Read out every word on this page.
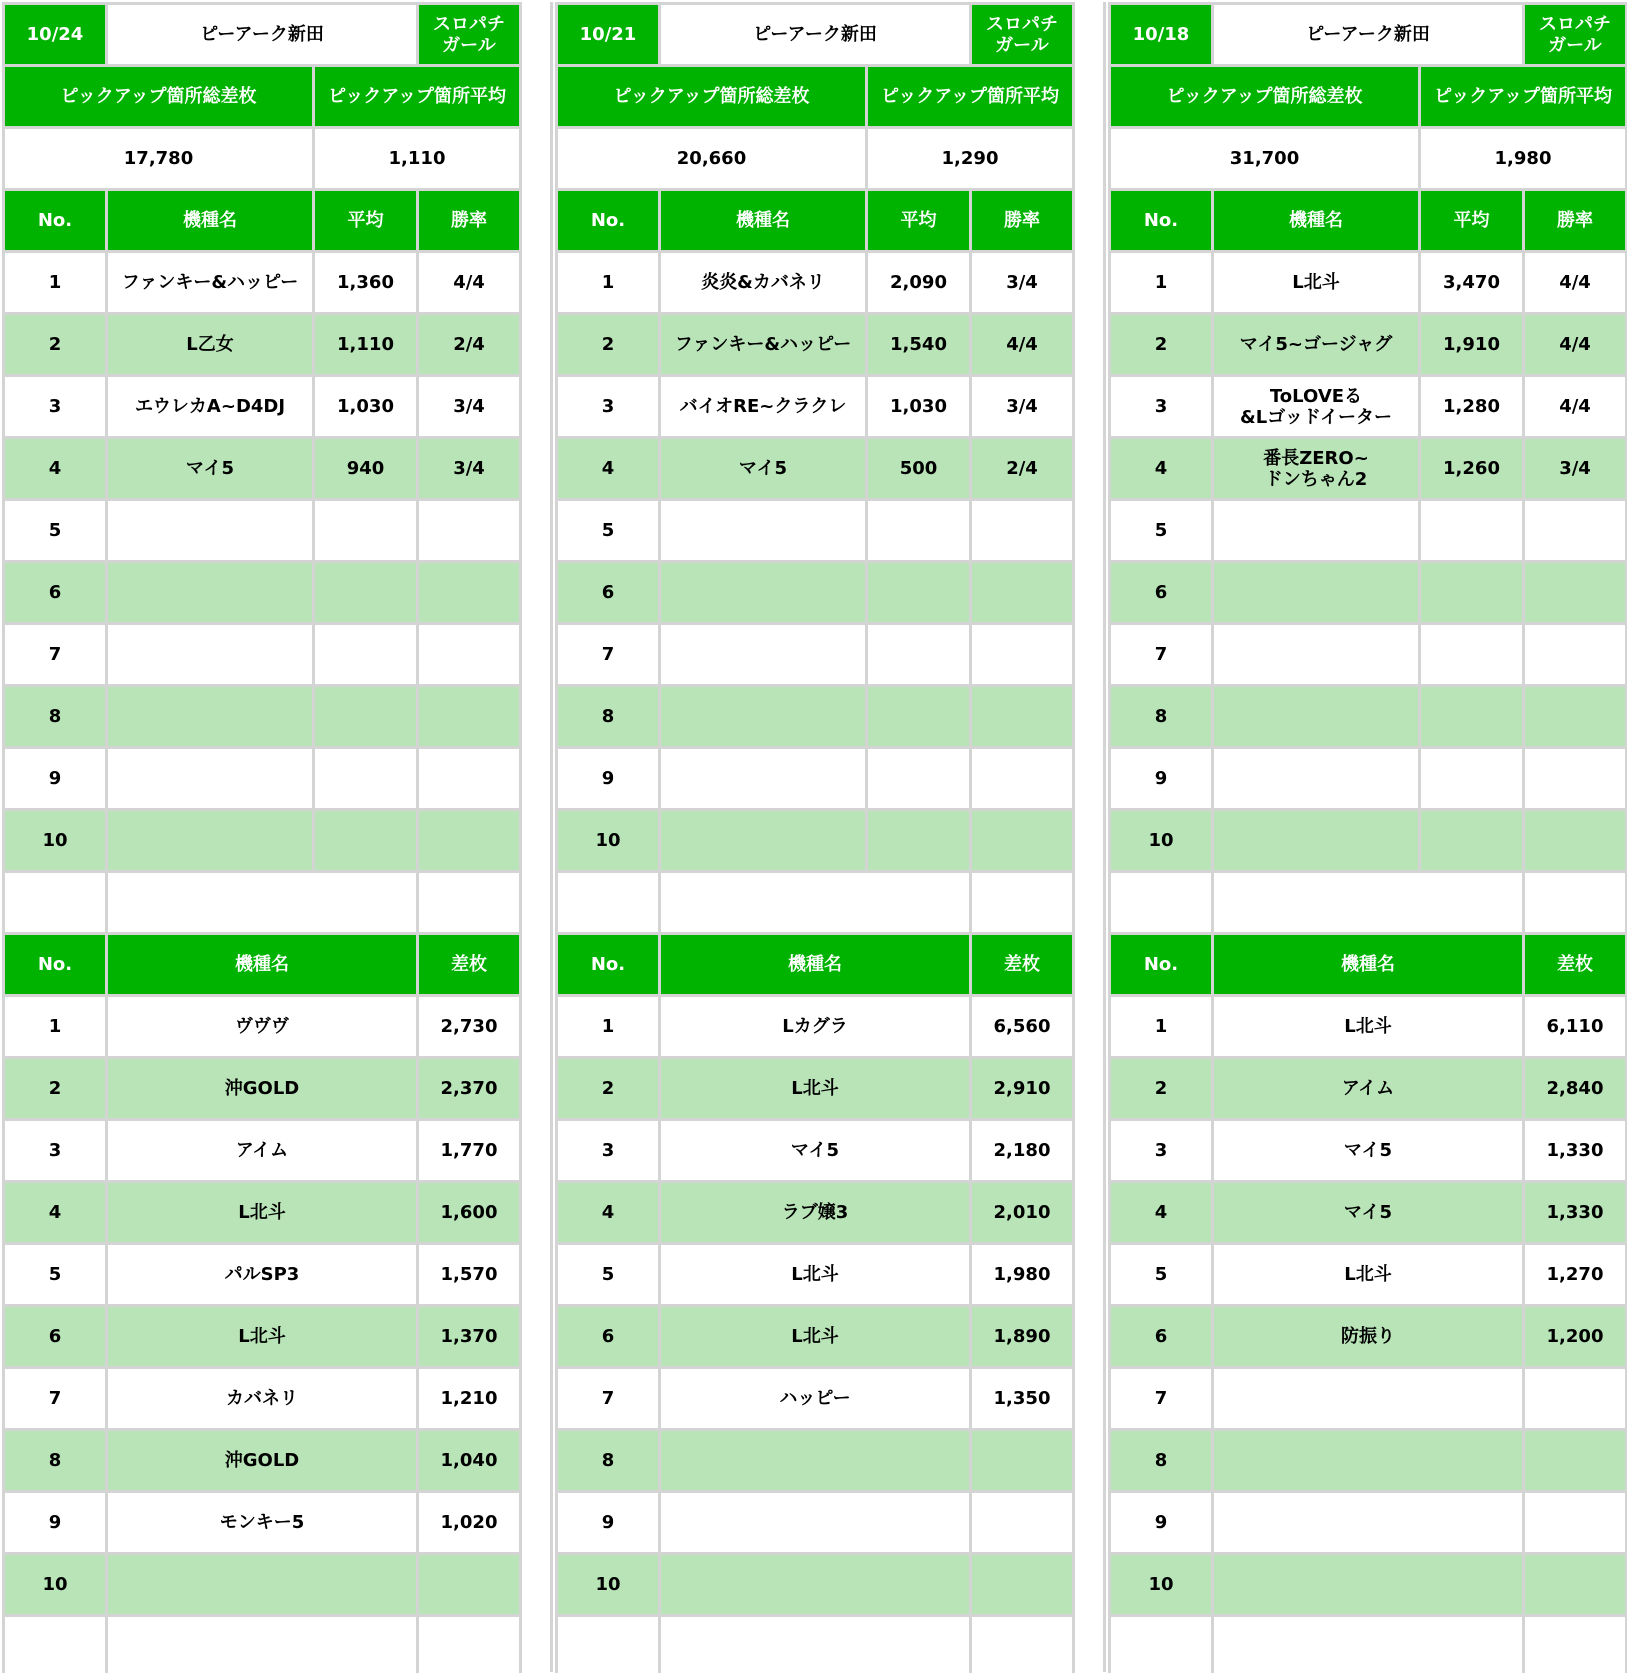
10/24	ピーアーク新田	スロパチ
ガール
ピックアップ箇所総差枚	ピックアップ箇所平均
17,780	1,110
No.	機種名	平均	勝率
1	ファンキー&ハッピー	1,360	4/4
2	L乙女	1,110	2/4
3	エウレカA~D4DJ	1,030	3/4
4	マイ5	940	3/4
5
6
7
8
9
10
No.	機種名	差枚
1	ヴヴヴ	2,730
2	沖GOLD	2,370
3	アイム	1,770
4	L北斗	1,600
5	パルSP3	1,570
6	L北斗	1,370
7	カバネリ	1,210
8	沖GOLD	1,040
9	モンキー5	1,020
10
10/21	ピーアーク新田	スロパチ
ガール
ピックアップ箇所総差枚	ピックアップ箇所平均
20,660	1,290
No.	機種名	平均	勝率
1	炎炎&カバネリ	2,090	3/4
2	ファンキー&ハッピー	1,540	4/4
3	バイオRE~クラクレ	1,030	3/4
4	マイ5	500	2/4
5
6
7
8
9
10
No.	機種名	差枚
1	Lカグラ	6,560
2	L北斗	2,910
3	マイ5	2,180
4	ラブ嬢3	2,010
5	L北斗	1,980
6	L北斗	1,890
7	ハッピー	1,350
8
9
10
10/18	ピーアーク新田	スロパチ
ガール
ピックアップ箇所総差枚	ピックアップ箇所平均
31,700	1,980
No.	機種名	平均	勝率
1	L北斗	3,470	4/4
2	マイ5~ゴージャグ	1,910	4/4
3	ToLOVEる
&Lゴッドイーター	1,280	4/4
4	番長ZERO~
ドンちゃん2	1,260	3/4
5
6
7
8
9
10
No.	機種名	差枚
1	L北斗	6,110
2	アイム	2,840
3	マイ5	1,330
4	マイ5	1,330
5	L北斗	1,270
6	防振り	1,200
7
8
9
10
